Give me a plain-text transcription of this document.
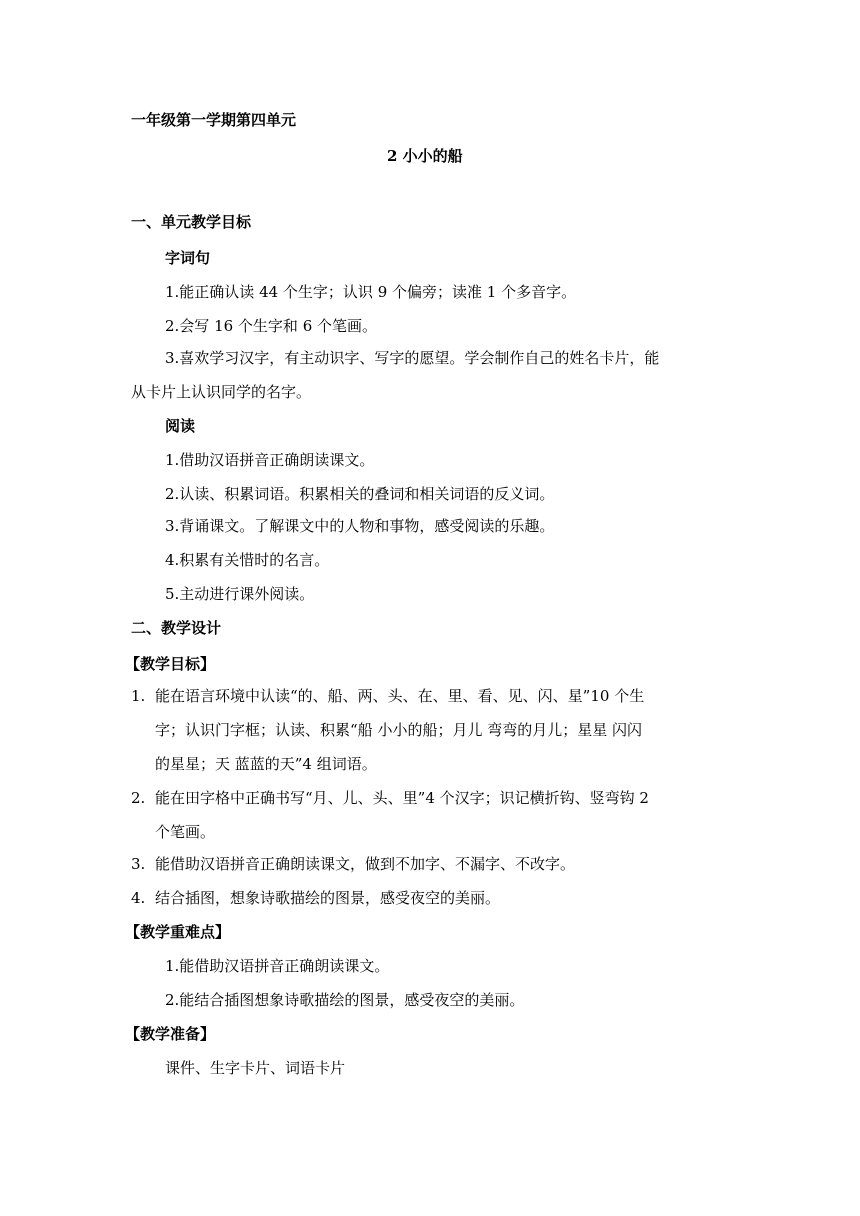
一年级第一学期第四单元
2 小小的船
一、单元教学目标
字词句
1.能正确认读 44 个生字；认识 9 个偏旁；读准 1 个多音字。
2.会写 16 个生字和 6 个笔画。
3.喜欢学习汉字，有主动识字、写字的愿望。学会制作自己的姓名卡片，能
从卡片上认识同学的名字。
阅读
1.借助汉语拼音正确朗读课文。
2.认读、积累词语。积累相关的叠词和相关词语的反义词。
3.背诵课文。了解课文中的人物和事物，感受阅读的乐趣。
4.积累有关惜时的名言。
5.主动进行课外阅读。
二、教学设计
【教学目标】
1. 能在语言环境中认读“的、船、两、头、在、里、看、见、闪、星”10 个生
字；认识门字框；认读、积累“船 小小的船；月儿 弯弯的月儿；星星 闪闪
的星星；天 蓝蓝的天”4 组词语。
2. 能在田字格中正确书写“月、儿、头、里”4 个汉字；识记横折钩、竖弯钩 2
个笔画。
3. 能借助汉语拼音正确朗读课文，做到不加字、不漏字、不改字。
4. 结合插图，想象诗歌描绘的图景，感受夜空的美丽。
【教学重难点】
1.能借助汉语拼音正确朗读课文。
2.能结合插图想象诗歌描绘的图景，感受夜空的美丽。
【教学准备】
课件、生字卡片、词语卡片
